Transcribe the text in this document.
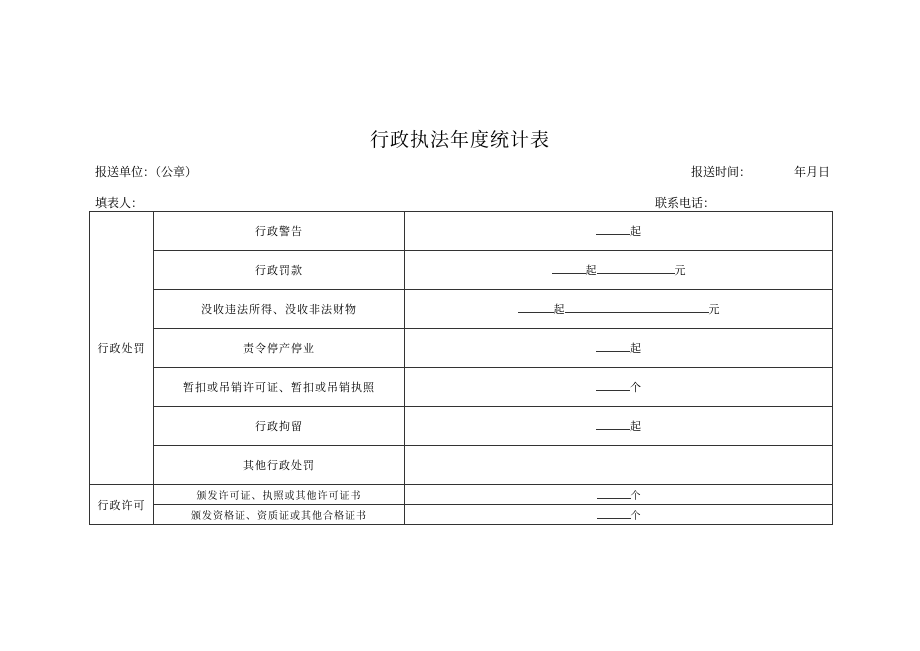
行政执法年度统计表
报送单位：（公章）	报送时间：	年月日
填表人：	联系电话：
行政处罚	行政警告	起
	行政罚款	起 元
	没收违法所得、没收非法财物	起 元
	责令停产停业	起
	暂扣或吊销许可证、暂扣或吊销执照	个
	行政拘留	起
	其他行政处罚	
行政许可	颁发许可证、执照或其他许可证书	个
	颁发资格证、资质证或其他合格证书	个
